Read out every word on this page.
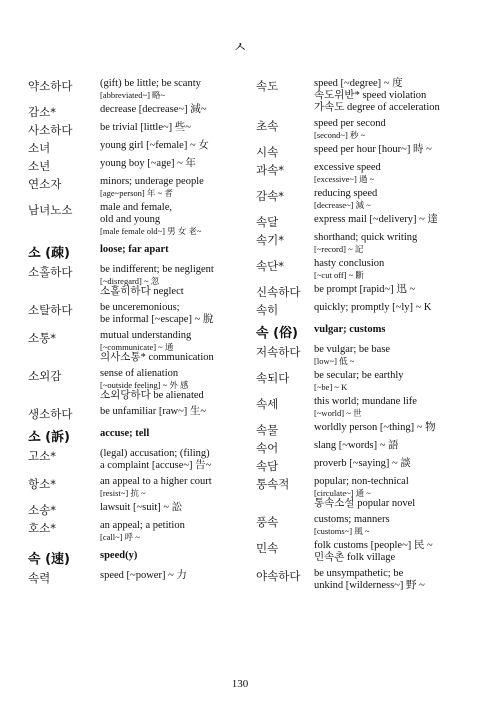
ㅅ
약소하다	(gift) be little; be scanty
[abbreviated~] 略~
감소*	decrease [decrease~] 減~
사소하다	be trivial [little~] 些~
소녀	young girl [~female] ~ 女
소년	young boy [~age] ~ 年
연소자	minors; underage people
[age~person] 年 ~ 者
남녀노소	male and female,
old and young
[male female old~] 男 女 老~
소 (疎)	loose; far apart
소홀하다	be indifferent; be negligent
[~disregard] ~ 忽
소홀히하다 neglect
소탈하다	be unceremonious;
be informal [~escape] ~ 脫
소통*	mutual understanding
[~communicate] ~ 通
의사소통* communication
소외감	sense of alienation
[~outside feeling] ~ 外 感
소외당하다 be alienated
생소하다	be unfamiliar [raw~] 生~
소 (訴)	accuse; tell
고소*	(legal) accusation; (filing)
a complaint [accuse~] 告~
항소*	an appeal to a higher court
[resist~] 抗 ~
소송*	lawsuit [~suit] ~ 訟
호소*	an appeal; a petition
[call~] 呼 ~
속 (速)	speed(y)
속력	speed [~power] ~ 力
속도	speed [~degree] ~ 度
속도위반* speed violation
가속도 degree of acceleration
초속	speed per second
[second~] 秒 ~
시속	speed per hour [hour~] 時 ~
과속*	excessive speed
[excessive~] 過 ~
감속*	reducing speed
[decrease~] 減 ~
속달	express mail [~delivery] ~ 達
속기*	shorthand; quick writing
[~record] ~ 記
속단*	hasty conclusion
[~cut off] ~ 斷
신속하다 be prompt [rapid~] 迅 ~
속히	quickly; promptly [~ly] ~ K
속 (俗) vulgar; customs
저속하다 be vulgar; be base
[low~] 低 ~
속되다 be secular; be earthly
[~be] ~ K
속세	this world; mundane life
[~world] ~ 世
속물	worldly person [~thing] ~ 物
속어	slang [~words] ~ 語
속담	proverb [~saying] ~ 談
통속적 popular; non-technical
[circulate~] 通 ~
통속소설 popular novel
풍속	customs; manners
[customs~] 風 ~
민속	folk customs [people~] 民 ~
민속촌 folk village
야속하다 be unsympathetic; be
unkind [wilderness~] 野 ~
130
